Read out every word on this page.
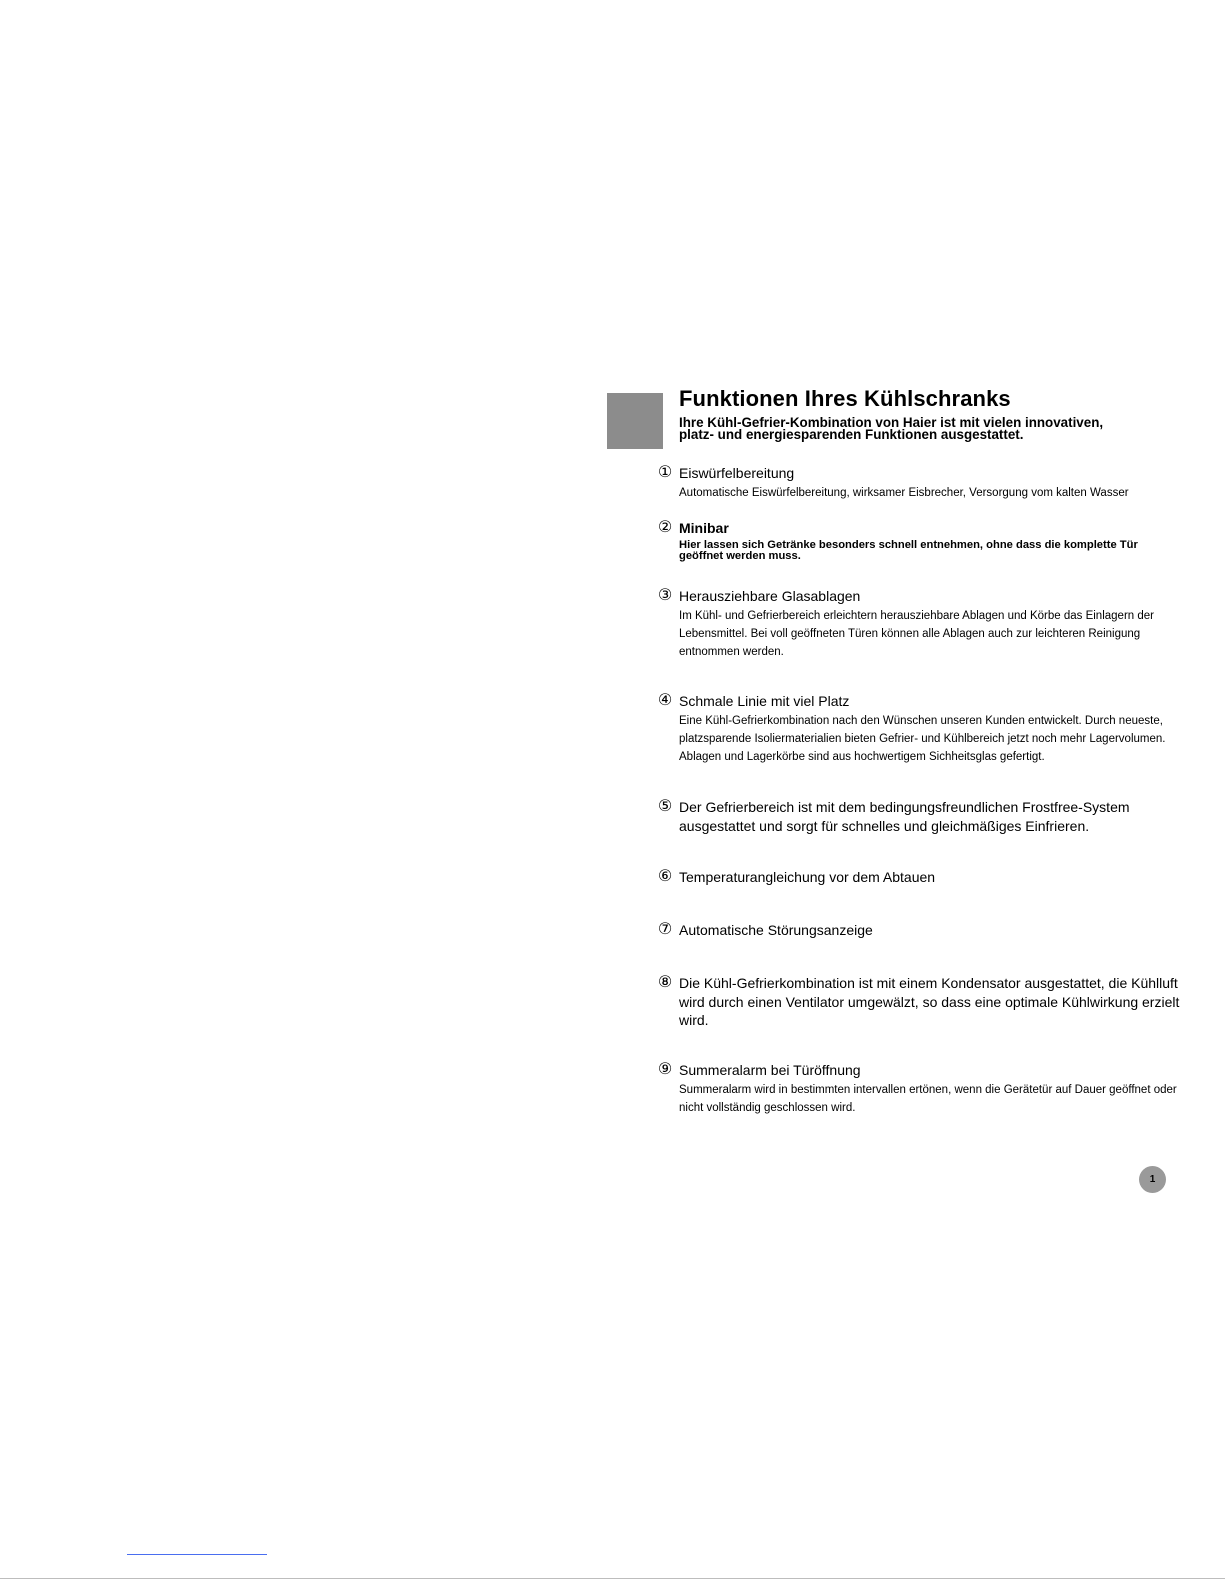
Funktionen Ihres Kühlschranks

Ihre Kühl-Gefrier-Kombination von Haier ist mit vielen innovativen,
platz- und energiesparenden Funktionen ausgestattet.

① Eiswürfelbereitung
Automatische Eiswürfelbereitung, wirksamer Eisbrecher, Versorgung vom kalten Wasser
② Minibar
Hier lassen sich Getränke besonders schnell entnehmen, ohne dass die komplette Tür geöffnet werden muss.
③ Herausziehbare Glasablagen
Im Kühl- und Gefrierbereich erleichtern herausziehbare Ablagen und Körbe das Einlagern der Lebensmittel. Bei voll geöffneten Türen können alle Ablagen auch zur leichteren Reinigung entnommen werden.
④ Schmale Linie mit viel Platz
Eine Kühl-Gefrierkombination nach den Wünschen unseren Kunden entwickelt. Durch neueste, platzsparende Isoliermaterialien bieten Gefrier- und Kühlbereich jetzt noch mehr Lagervolumen. Ablagen und Lagerkörbe sind aus hochwertigem Sichheitsglas gefertigt.
⑤ Der Gefrierbereich ist mit dem bedingungsfreundlichen Frostfree-System ausgestattet und sorgt für schnelles und gleichmäßiges Einfrieren.
⑥ Temperaturangleichung vor dem Abtauen
⑦ Automatische Störungsanzeige
⑧ Die Kühl-Gefrierkombination ist mit einem Kondensator ausgestattet, die Kühlluft wird durch einen Ventilator umgewälzt, so dass eine optimale Kühlwirkung erzielt wird.
⑨ Summeralarm bei Türöffnung
Summeralarm wird in bestimmten intervallen ertönen, wenn die Gerätetür auf Dauer geöffnet oder nicht vollständig geschlossen wird.
1
